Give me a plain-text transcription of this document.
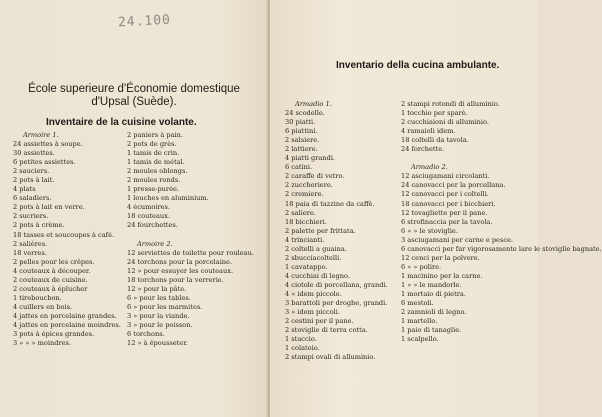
24.100
École superieure d'Économie domestique
d'Upsal (Suède).
Inventaire de la cuisine volante.
Armoire 1.
24 assiettes à soupe.
30 assiettes.
6 petites assiettes.
2 sauciers.
2 pots à lait.
4 plats
6 saladiers.
2 pots à lait en verre.
2 sucriers.
2 pots à crème.
18 tasses et soucoupes à café.
2 salières.
18 verres.
2 pelles pour les crêpes.
4 couteaux à découper.
2 couteaux de cuisine.
2 couteaux à éplucher
1 tireboucbon.
4 cuillers en bois.
4 jattes en porcelaine grandes.
4 jattes en porcelaine moindres.
3 pots à épices grandes.
3 » » » moindres.
2 paniers à pain.
2 pots de grès.
1 tamis de crin.
1 tamis de métal.
2 moules oblongs.
2 moules ronds.
1 presse-purée.
1 louches en aluminium.
4 écumoires.
18 couteaux.
24 fourchettes.
Armoire 2.
12 serviettes de toilette pour rouleau.
24 torchons pour la porcelaine.
12 » pour essuyer les couteaux.
18 torchons pour la verrerie.
12 » pour la pâte.
6 » pour les tables.
6 » pour les marmites.
3 » pour la viande.
3 » pour le poisson.
6 torchons.
12 » à épousseter.
Inventario della cucina ambulante.
Armadio 1.
24 scodelle.
30 piatti.
6 piattini.
2 salsiere.
2 lattiere.
4 piatti grandi.
6 catini.
2 caraffe di vetro.
2 zuccheriere.
2 cremiere.
18 paia di tazzine da caffè.
2 saliere.
18 bicchieri.
2 palette per frittata.
4 trincianti.
2 coltelli a guaina.
2 sbucciacoltelli.
1 cavatappo.
4 cucchiai di legno.
4 ciotole di porcellana, grandi.
4 » idem piccole.
3 barattoli per droghe, grandi.
3 » idem piccoli.
2 cestini per il pane.
2 stoviglie di terra cotta.
1 staccio.
1 colatoio.
2 stampi ovali di alluminio.
2 stampi rotondi di alluminio.
1 tocchio per sparè.
2 cucchiaioni di alluminio.
4 ramaioli idem.
18 coltelli da tavola.
24 forchette.
Armadio 2.
12 asciugamani circolanti.
24 canovacci per la porcellana.
12 canovacci per i coltelli.
18 canovacci per i bicchieri.
12 tovagliette per il pane.
6 strofinaccia per la tavola.
6 » » le stoviglie.
3 asciugamani per carne e pesce.
6 canovacci per far vigorosamente lare le stoviglie bagnate.
12 cenci per la polvere.
6 » » polire.
1 macinino per la carne.
1 » » le mandorle.
1 mortaio di pietra.
6 mestoli.
2 zamnioli di legno.
1 martello.
1 paio di tanaglie.
1 scalpello.
